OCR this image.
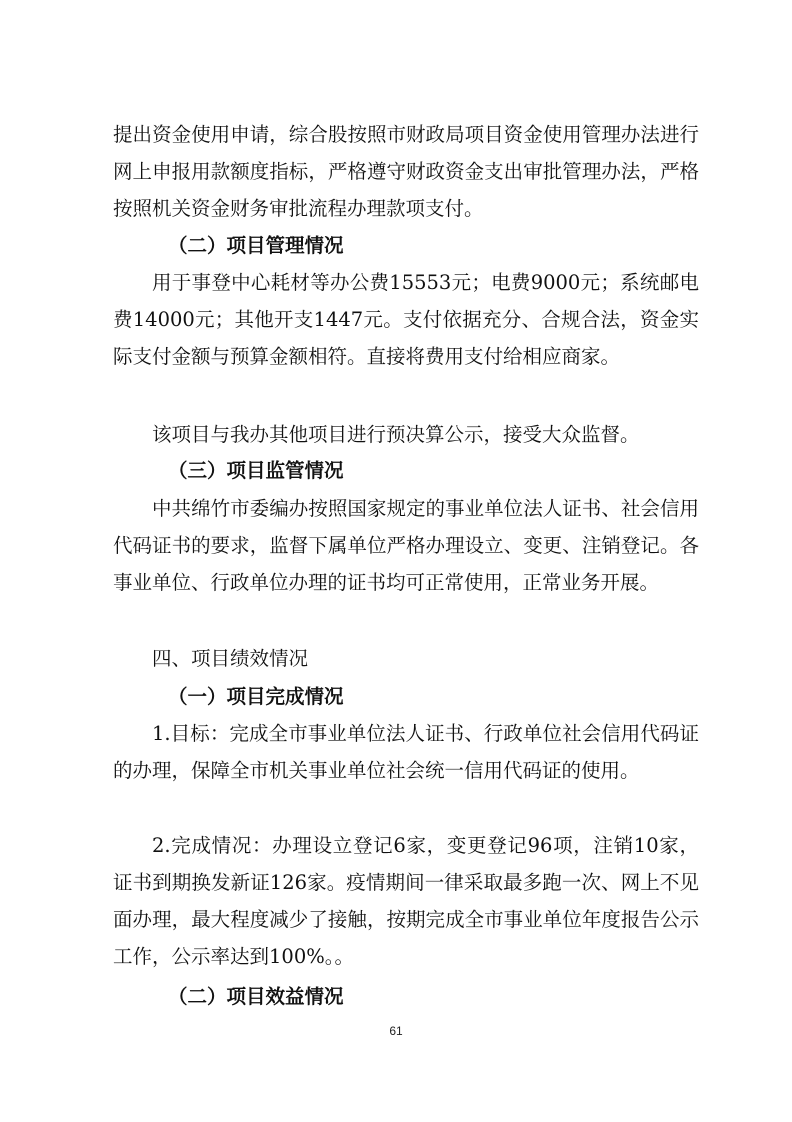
提出资金使用申请，综合股按照市财政局项目资金使用管理办法进行网上申报用款额度指标，严格遵守财政资金支出审批管理办法，严格按照机关资金财务审批流程办理款项支付。

（二）项目管理情况

用于事登中心耗材等办公费15553元；电费9000元；系统邮电费14000元；其他开支1447元。支付依据充分、合规合法，资金实际支付金额与预算金额相符。直接将费用支付给相应商家。

该项目与我办其他项目进行预决算公示，接受大众监督。

（三）项目监管情况

中共绵竹市委编办按照国家规定的事业单位法人证书、社会信用代码证书的要求，监督下属单位严格办理设立、变更、注销登记。各事业单位、行政单位办理的证书均可正常使用，正常业务开展。

四、项目绩效情况
（一）项目完成情况

1.目标：完成全市事业单位法人证书、行政单位社会信用代码证的办理，保障全市机关事业单位社会统一信用代码证的使用。

2.完成情况：办理设立登记6家，变更登记96项，注销10家，证书到期换发新证126家。疫情期间一律采取最多跑一次、网上不见面办理，最大程度减少了接触，按期完成全市事业单位年度报告公示工作，公示率达到100%。。

（二）项目效益情况
61
